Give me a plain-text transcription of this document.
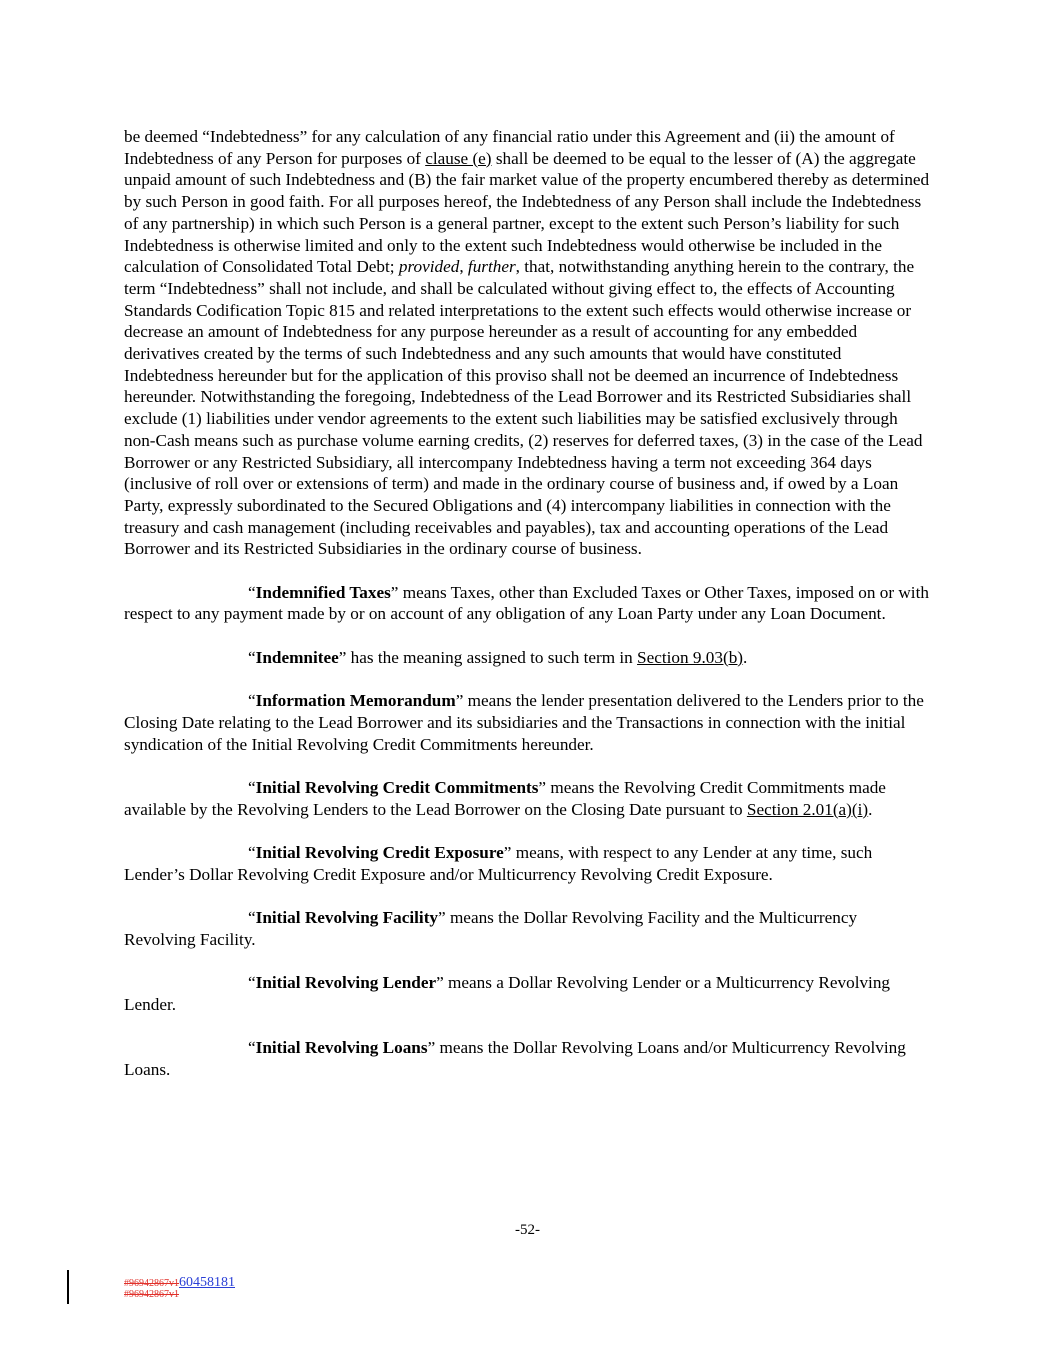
be deemed “Indebtedness” for any calculation of any financial ratio under this Agreement and (ii) the amount of Indebtedness of any Person for purposes of clause (e) shall be deemed to be equal to the lesser of (A) the aggregate unpaid amount of such Indebtedness and (B) the fair market value of the property encumbered thereby as determined by such Person in good faith. For all purposes hereof, the Indebtedness of any Person shall include the Indebtedness of any partnership) in which such Person is a general partner, except to the extent such Person’s liability for such Indebtedness is otherwise limited and only to the extent such Indebtedness would otherwise be included in the calculation of Consolidated Total Debt; provided, further, that, notwithstanding anything herein to the contrary, the term “Indebtedness” shall not include, and shall be calculated without giving effect to, the effects of Accounting Standards Codification Topic 815 and related interpretations to the extent such effects would otherwise increase or decrease an amount of Indebtedness for any purpose hereunder as a result of accounting for any embedded derivatives created by the terms of such Indebtedness and any such amounts that would have constituted Indebtedness hereunder but for the application of this proviso shall not be deemed an incurrence of Indebtedness hereunder. Notwithstanding the foregoing, Indebtedness of the Lead Borrower and its Restricted Subsidiaries shall exclude (1) liabilities under vendor agreements to the extent such liabilities may be satisfied exclusively through non-Cash means such as purchase volume earning credits, (2) reserves for deferred taxes, (3) in the case of the Lead Borrower or any Restricted Subsidiary, all intercompany Indebtedness having a term not exceeding 364 days (inclusive of roll over or extensions of term) and made in the ordinary course of business and, if owed by a Loan Party, expressly subordinated to the Secured Obligations and (4) intercompany liabilities in connection with the treasury and cash management (including receivables and payables), tax and accounting operations of the Lead Borrower and its Restricted Subsidiaries in the ordinary course of business.

“Indemnified Taxes” means Taxes, other than Excluded Taxes or Other Taxes, imposed on or with respect to any payment made by or on account of any obligation of any Loan Party under any Loan Document.

“Indemnitee” has the meaning assigned to such term in Section 9.03(b).

“Information Memorandum” means the lender presentation delivered to the Lenders prior to the Closing Date relating to the Lead Borrower and its subsidiaries and the Transactions in connection with the initial syndication of the Initial Revolving Credit Commitments hereunder.

“Initial Revolving Credit Commitments” means the Revolving Credit Commitments made available by the Revolving Lenders to the Lead Borrower on the Closing Date pursuant to Section 2.01(a)(i).

“Initial Revolving Credit Exposure” means, with respect to any Lender at any time, such Lender’s Dollar Revolving Credit Exposure and/or Multicurrency Revolving Credit Exposure.

“Initial Revolving Facility” means the Dollar Revolving Facility and the Multicurrency Revolving Facility.

“Initial Revolving Lender” means a Dollar Revolving Lender or a Multicurrency Revolving Lender.

“Initial Revolving Loans” means the Dollar Revolving Loans and/or Multicurrency Revolving Loans.

-52-
#96942867v160458181
#96942867v1
